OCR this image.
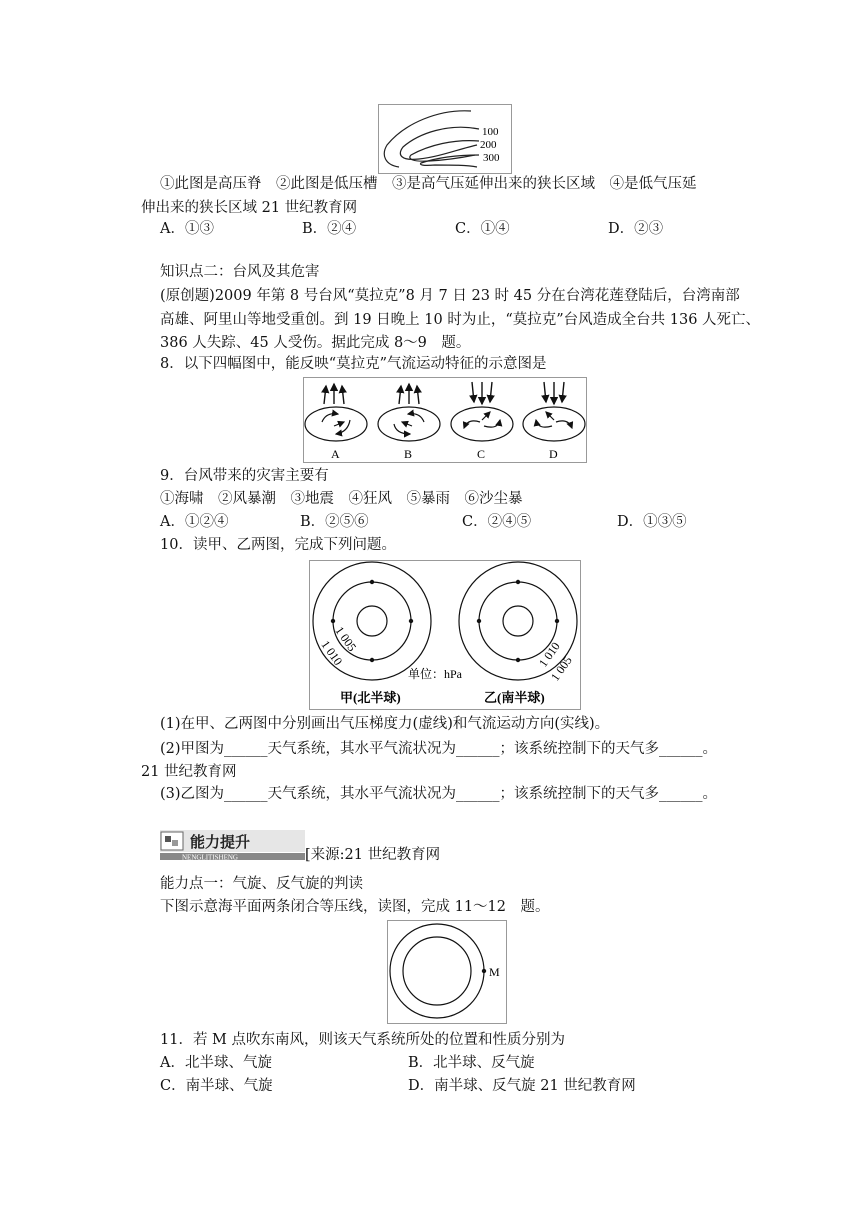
100
200
300
①此图是高压脊　②此图是低压槽　③是高气压延伸出来的狭长区域　④是低气压延
伸出来的狭长区域 21 世纪教育网
A．①③	B．②④	C．①④	D．②③
知识点二：台风及其危害
(原创题)2009 年第 8 号台风“莫拉克”8 月 7 日 23 时 45 分在台湾花莲登陆后，台湾南部
高雄、阿里山等地受重创。到 19 日晚上 10 时为止，“莫拉克”台风造成全台共 136 人死亡、
386 人失踪、45 人受伤。据此完成 8～9　题。
8．以下四幅图中，能反映“莫拉克”气流运动特征的示意图是
A	B	C	D
9．台风带来的灾害主要有
①海啸　②风暴潮　③地震　④狂风　⑤暴雨　⑥沙尘暴
A．①②④	B．②⑤⑥	C．②④⑤	D．①③⑤
10．读甲、乙两图，完成下列问题。
1 005
1 010	1 010
1 005
单位：hPa
甲(北半球)	乙(南半球)
(1)在甲、乙两图中分别画出气压梯度力(虚线)和气流运动方向(实线)。
(2)甲图为______天气系统，其水平气流状况为______；该系统控制下的天气多______。
21 世纪教育网
(3)乙图为______天气系统，其水平气流状况为______；该系统控制下的天气多______。
能力提升
NENGLITISHENG	[来源:21 世纪教育网
能力点一：气旋、反气旋的判读
下图示意海平面两条闭合等压线，读图，完成 11～12　题。
M
11．若 M 点吹东南风，则该天气系统所处的位置和性质分别为
A．北半球、气旋	B．北半球、反气旋
C．南半球、气旋	D．南半球、反气旋 21 世纪教育网
